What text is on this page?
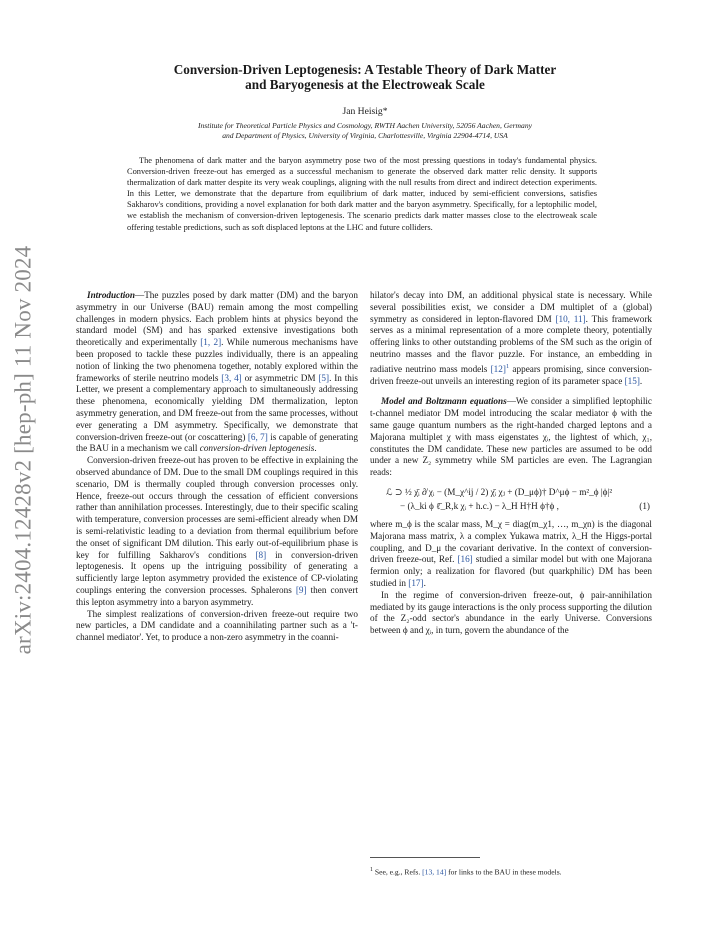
arXiv:2404.12428v2 [hep-ph] 11 Nov 2024
Conversion-Driven Leptogenesis: A Testable Theory of Dark Matter
and Baryogenesis at the Electroweak Scale
Jan Heisig*
Institute for Theoretical Particle Physics and Cosmology, RWTH Aachen University, 52056 Aachen, Germany
and Department of Physics, University of Virginia, Charlottesville, Virginia 22904-4714, USA
The phenomena of dark matter and the baryon asymmetry pose two of the most pressing questions in today's fundamental physics. Conversion-driven freeze-out has emerged as a successful mechanism to generate the observed dark matter relic density. It supports thermalization of dark matter despite its very weak couplings, aligning with the null results from direct and indirect detection experiments. In this Letter, we demonstrate that the departure from equilibrium of dark matter, induced by semi-efficient conversions, satisfies Sakharov's conditions, providing a novel explanation for both dark matter and the baryon asymmetry. Specifically, for a leptophilic model, we establish the mechanism of conversion-driven leptogenesis. The scenario predicts dark matter masses close to the electroweak scale offering testable predictions, such as soft displaced leptons at the LHC and future colliders.

Introduction—The puzzles posed by dark matter (DM) and the baryon asymmetry in our Universe (BAU) remain among the most compelling challenges in modern physics. Each problem hints at physics beyond the standard model (SM) and has sparked extensive investigations both theoretically and experimentally [1, 2]. While numerous mechanisms have been proposed to tackle these puzzles individually, there is an appealing notion of linking the two phenomena together, notably explored within the frameworks of sterile neutrino models [3, 4] or asymmetric DM [5]. In this Letter, we present a complementary approach to simultaneously addressing these phenomena, economically yielding DM thermalization, lepton asymmetry generation, and DM freeze-out from the same processes, without ever generating a DM asymmetry. Specifically, we demonstrate that conversion-driven freeze-out (or coscattering) [6, 7] is capable of generating the BAU in a mechanism we call conversion-driven leptogenesis.

Conversion-driven freeze-out has proven to be effective in explaining the observed abundance of DM. Due to the small DM couplings required in this scenario, DM is thermally coupled through conversion processes only. Hence, freeze-out occurs through the cessation of efficient conversions rather than annihilation processes. Interestingly, due to their specific scaling with temperature, conversion processes are semi-efficient already when DM is semi-relativistic leading to a deviation from thermal equilibrium before the onset of significant DM dilution. This early out-of-equilibrium phase is key for fulfilling Sakharov's conditions [8] in conversion-driven leptogenesis. It opens up the intriguing possibility of generating a sufficiently large lepton asymmetry provided the existence of CP-violating couplings entering the conversion processes. Sphalerons [9] then convert this lepton asymmetry into a baryon asymmetry.

The simplest realizations of conversion-driven freeze-out require two new particles, a DM candidate and a coannihilating partner such as a 't-channel mediator'. Yet, to produce a non-zero asymmetry in the coanni-

hilator's decay into DM, an additional physical state is necessary. While several possibilities exist, we consider a DM multiplet of a (global) symmetry as considered in lepton-flavored DM [10, 11]. This framework serves as a minimal representation of a more complete theory, potentially offering links to other outstanding problems of the SM such as the origin of neutrino masses and the flavor puzzle. For instance, an embedding in radiative neutrino mass models [12]$^1$ appears promising, since conversion-driven freeze-out unveils an interesting region of its parameter space [15].

Model and Boltzmann equations—We consider a simplified leptophilic t-channel mediator DM model introducing the scalar mediator ϕ with the same gauge quantum numbers as the right-handed charged leptons and a Majorana multiplet χ with mass eigenstates χᵢ, the lightest of which, χ₁, constitutes the DM candidate. These new particles are assumed to be odd under a new Z₂ symmetry while SM particles are even. The Lagrangian reads:

ℒ ⊃ ½ χ̄ᵢ ∂̸ χᵢ − (M_χ^ij / 2) χ̄ᵢ χⱼ + (D_μϕ)† D^μϕ − m²_ϕ |ϕ|²
− (λ_ki ϕ ℓ̄_R,k χᵢ + h.c.) − λ_H H†H ϕ†ϕ ,	(1)

where m_ϕ is the scalar mass, M_χ = diag(m_χ1, …, m_χn) is the diagonal Majorana mass matrix, λ a complex Yukawa matrix, λ_H the Higgs-portal coupling, and D_μ the covariant derivative. In the context of conversion-driven freeze-out, Ref. [16] studied a similar model but with one Majorana fermion only; a realization for flavored (but quarkphilic) DM has been studied in [17].

In the regime of conversion-driven freeze-out, ϕ pair-annihilation mediated by its gauge interactions is the only process supporting the dilution of the Z₂-odd sector's abundance in the early Universe. Conversions between ϕ and χᵢ, in turn, govern the abundance of the

$^1$ See, e.g., Refs. [13, 14] for links to the BAU in these models.
